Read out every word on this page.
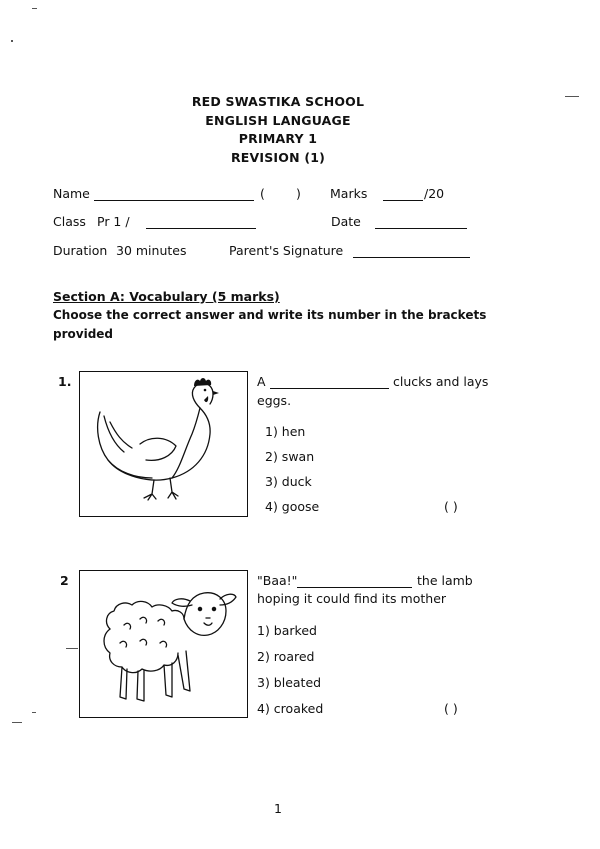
RED SWASTIKA SCHOOL
ENGLISH LANGUAGE
PRIMARY 1
REVISION (1)
Name	( ) Marks	/20
Class Pr 1 /	Date
Duration 30 minutes	Parent's Signature
Section A: Vocabulary (5 marks)
Choose the correct answer and write its number in the brackets
provided
1.	A	clucks and lays
eggs.
1) hen
2) swan
3) duck
4) goose	( )
2	"Baa!"	the lamb
hoping it could find its mother
1) barked
2) roared
3) bleated
4) croaked	( )
1
